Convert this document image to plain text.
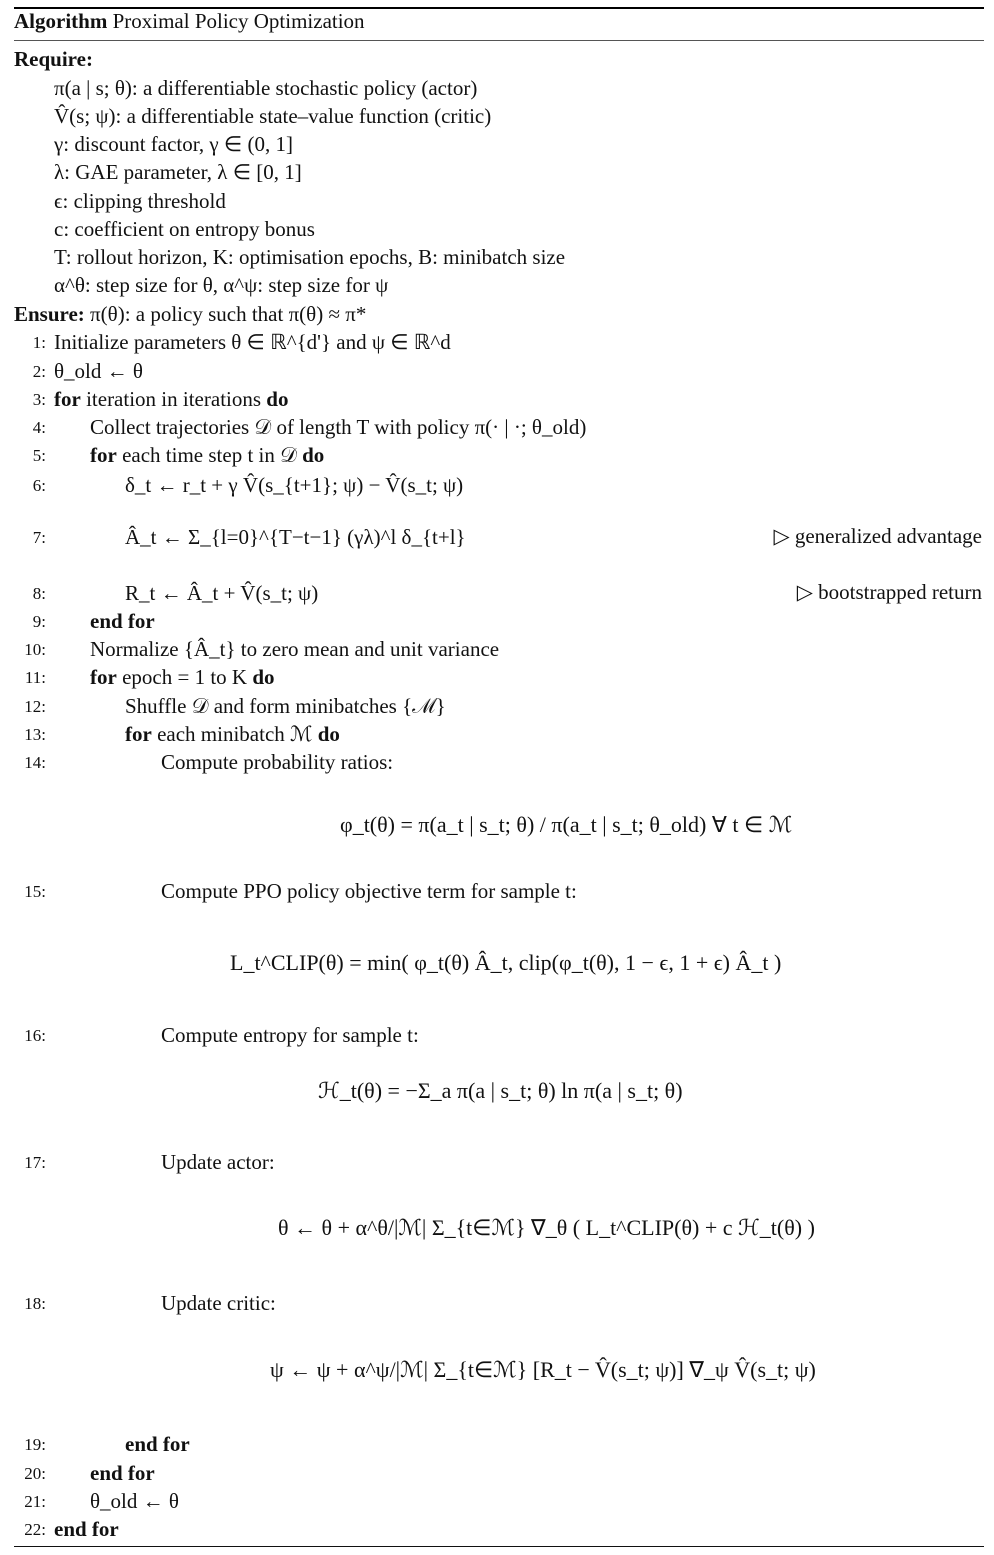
Algorithm Proximal Policy Optimization
Require:
π(a | s; θ): a differentiable stochastic policy (actor)
V̂(s; ψ): a differentiable state–value function (critic)
γ: discount factor, γ ∈ (0, 1]
λ: GAE parameter, λ ∈ [0, 1]
ϵ: clipping threshold
c: coefficient on entropy bonus
T: rollout horizon, K: optimisation epochs, B: minibatch size
α^θ: step size for θ, α^ψ: step size for ψ
Ensure: π(θ): a policy such that π(θ) ≈ π*
1: Initialize parameters θ ∈ ℝ^{d'} and ψ ∈ ℝ^d
2: θ_old ← θ
3: for iteration in iterations do
4: Collect trajectories 𝒟 of length T with policy π(· | ·; θ_old)
5: for each time step t in 𝒟 do
6:	δ_t ← r_t + γ V̂(s_{t+1}; ψ) − V̂(s_t; ψ)
7:	Â_t ← Σ_{l=0}^{T−t−1} (γλ)^l δ_{t+l}	▷ generalized advantage
8:	R_t ← Â_t + V̂(s_t; ψ)	▷ bootstrapped return
9: end for
10: Normalize {Â_t} to zero mean and unit variance
11: for epoch = 1 to K do
12:	Shuffle 𝒟 and form minibatches {ℳ}
13:	for each minibatch ℳ do
14:	Compute probability ratios:
φ_t(θ) = π(a_t | s_t; θ) / π(a_t | s_t; θ_old) ∀ t ∈ ℳ
15:	Compute PPO policy objective term for sample t:
L_t^CLIP(θ) = min( φ_t(θ) Â_t, clip(φ_t(θ), 1 − ϵ, 1 + ϵ) Â_t )
16:	Compute entropy for sample t:
ℋ_t(θ) = −Σ_a π(a | s_t; θ) ln π(a | s_t; θ)
17:	Update actor:
θ ← θ + α^θ/|ℳ| Σ_{t∈ℳ} ∇_θ ( L_t^CLIP(θ) + c ℋ_t(θ) )
18:	Update critic:
ψ ← ψ + α^ψ/|ℳ| Σ_{t∈ℳ} [R_t − V̂(s_t; ψ)] ∇_ψ V̂(s_t; ψ)
19:	end for
20: end for
21: θ_old ← θ
22: end for
